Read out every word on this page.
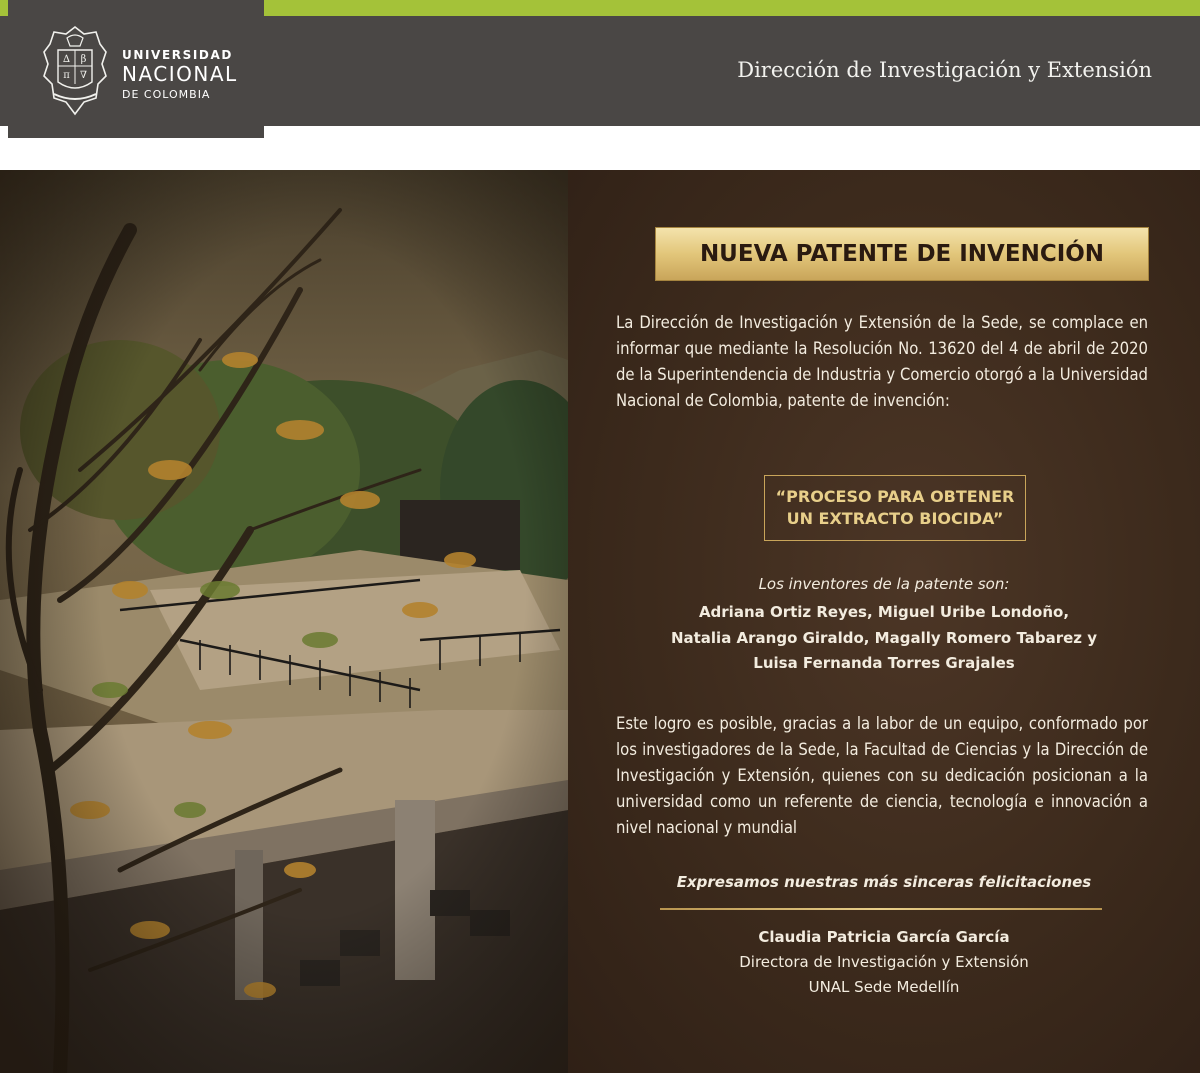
Dirección de Investigación y Extensión
∆ β
π ∇
UNIVERSIDAD
NACIONAL
DE COLOMBIA
NUEVA PATENTE DE INVENCIÓN
La Dirección de Investigación y Extensión de la Sede, se complace en informar que mediante la Resolución No. 13620 del 4 de abril de 2020 de la Superintendencia de Industria y Comercio otorgó a la Universidad Nacional de Colombia, patente de invención:
“PROCESO PARA OBTENER
UN EXTRACTO BIOCIDA”
Los inventores de la patente son:
Adriana Ortiz Reyes, Miguel Uribe Londoño,
Natalia Arango Giraldo, Magally Romero Tabarez y
Luisa Fernanda Torres Grajales
Este logro es posible, gracias a la labor de un equipo, conformado por los investigadores de la Sede, la Facultad de Ciencias y la Dirección de Investigación y Extensión, quienes con su dedicación posicionan a la universidad como un referente de ciencia, tecnología e innovación a nivel nacional y mundial
Expresamos nuestras más sinceras felicitaciones
Claudia Patricia García García
Directora de Investigación y Extensión
UNAL Sede Medellín
